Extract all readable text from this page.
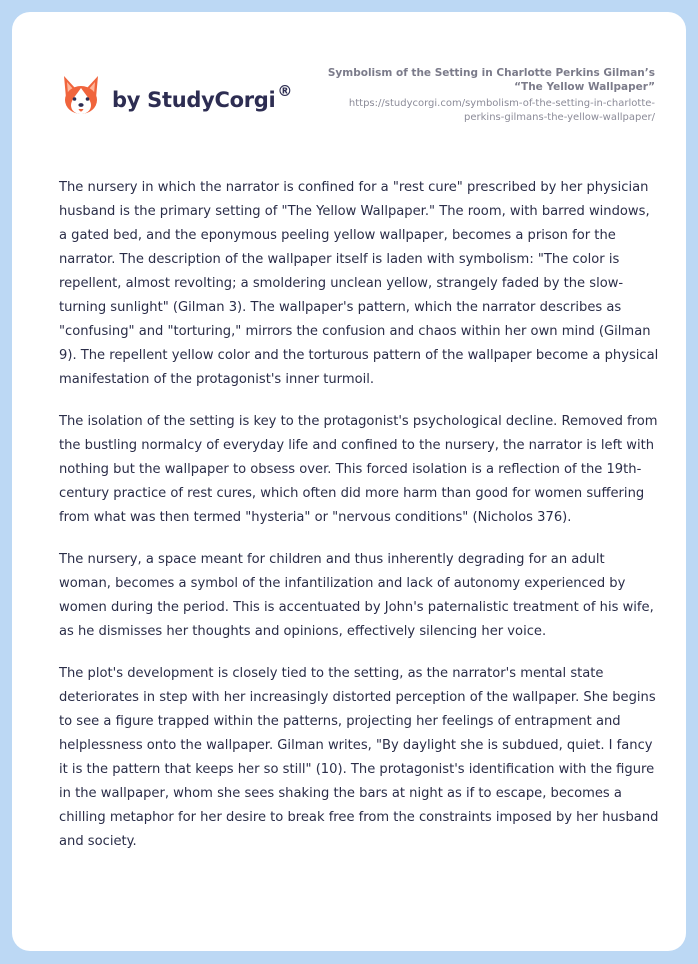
by StudyCorgi ®
Symbolism of the Setting in Charlotte Perkins Gilman’s
“The Yellow Wallpaper”
https://studycorgi.com/symbolism-of-the-setting-in-charlotte-
perkins-gilmans-the-yellow-wallpaper/

The nursery in which the narrator is confined for a "rest cure" prescribed by her physician husband is the primary setting of "The Yellow Wallpaper." The room, with barred windows, a gated bed, and the eponymous peeling yellow wallpaper, becomes a prison for the narrator. The description of the wallpaper itself is laden with symbolism: "The color is repellent, almost revolting; a smoldering unclean yellow, strangely faded by the slow-turning sunlight" (Gilman 3). The wallpaper's pattern, which the narrator describes as "confusing" and "torturing," mirrors the confusion and chaos within her own mind (Gilman 9). The repellent yellow color and the torturous pattern of the wallpaper become a physical manifestation of the protagonist's inner turmoil.

The isolation of the setting is key to the protagonist's psychological decline. Removed from the bustling normalcy of everyday life and confined to the nursery, the narrator is left with nothing but the wallpaper to obsess over. This forced isolation is a reflection of the 19th-century practice of rest cures, which often did more harm than good for women suffering from what was then termed "hysteria" or "nervous conditions" (Nicholos 376).

The nursery, a space meant for children and thus inherently degrading for an adult woman, becomes a symbol of the infantilization and lack of autonomy experienced by women during the period. This is accentuated by John's paternalistic treatment of his wife, as he dismisses her thoughts and opinions, effectively silencing her voice.

The plot's development is closely tied to the setting, as the narrator's mental state deteriorates in step with her increasingly distorted perception of the wallpaper. She begins to see a figure trapped within the patterns, projecting her feelings of entrapment and helplessness onto the wallpaper. Gilman writes, "By daylight she is subdued, quiet. I fancy it is the pattern that keeps her so still" (10). The protagonist's identification with the figure in the wallpaper, whom she sees shaking the bars at night as if to escape, becomes a chilling metaphor for her desire to break free from the constraints imposed by her husband and society.
